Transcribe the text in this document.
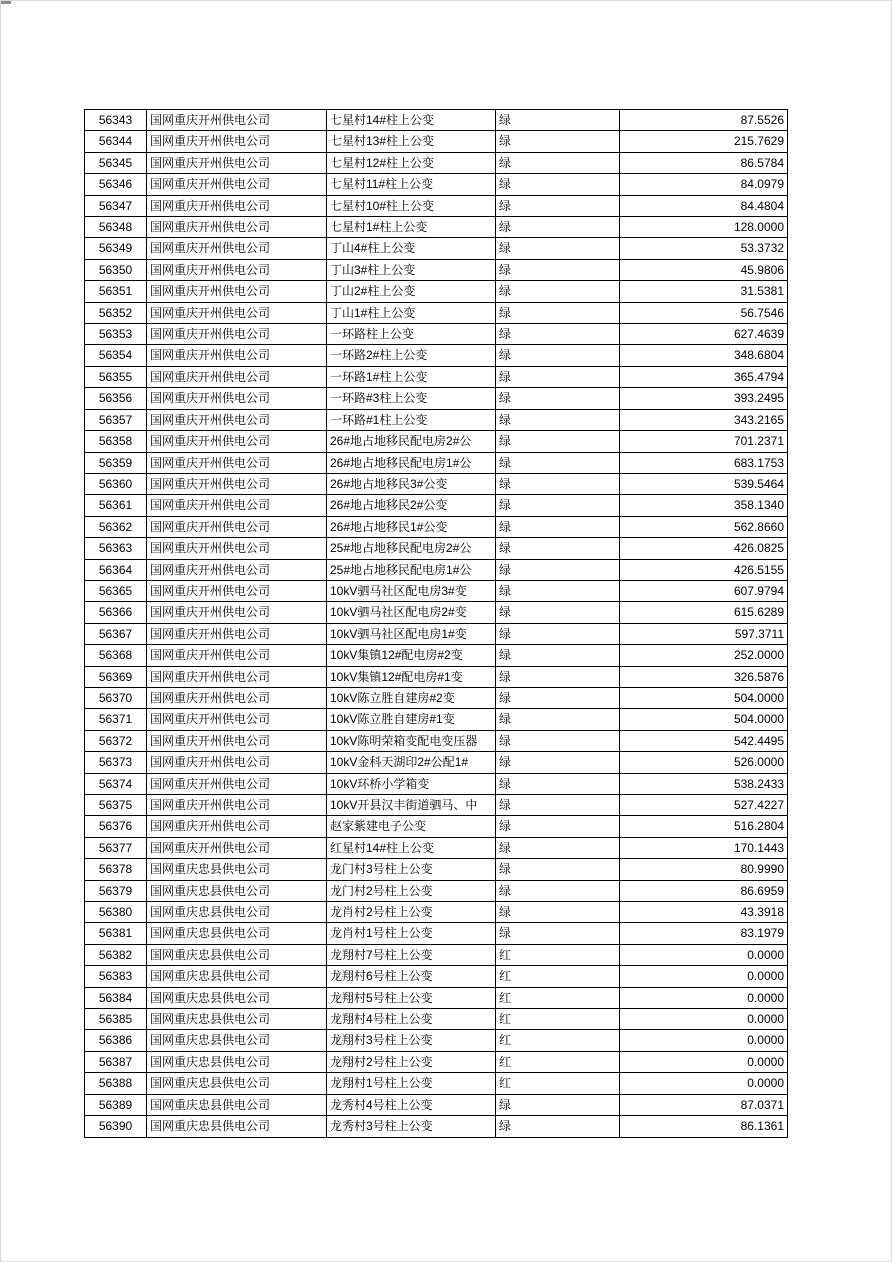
56343	国网重庆开州供电公司	七星村14#柱上公变	绿	87.5526
56344	国网重庆开州供电公司	七星村13#柱上公变	绿	215.7629
56345	国网重庆开州供电公司	七星村12#柱上公变	绿	86.5784
56346	国网重庆开州供电公司	七星村11#柱上公变	绿	84.0979
56347	国网重庆开州供电公司	七星村10#柱上公变	绿	84.4804
56348	国网重庆开州供电公司	七星村1#柱上公变	绿	128.0000
56349	国网重庆开州供电公司	丁山4#柱上公变	绿	53.3732
56350	国网重庆开州供电公司	丁山3#柱上公变	绿	45.9806
56351	国网重庆开州供电公司	丁山2#柱上公变	绿	31.5381
56352	国网重庆开州供电公司	丁山1#柱上公变	绿	56.7546
56353	国网重庆开州供电公司	一环路柱上公变	绿	627.4639
56354	国网重庆开州供电公司	一环路2#柱上公变	绿	348.6804
56355	国网重庆开州供电公司	一环路1#柱上公变	绿	365.4794
56356	国网重庆开州供电公司	一环路#3柱上公变	绿	393.2495
56357	国网重庆开州供电公司	一环路#1柱上公变	绿	343.2165
56358	国网重庆开州供电公司	26#地占地移民配电房2#公	绿	701.2371
56359	国网重庆开州供电公司	26#地占地移民配电房1#公	绿	683.1753
56360	国网重庆开州供电公司	26#地占地移民3#公变	绿	539.5464
56361	国网重庆开州供电公司	26#地占地移民2#公变	绿	358.1340
56362	国网重庆开州供电公司	26#地占地移民1#公变	绿	562.8660
56363	国网重庆开州供电公司	25#地占地移民配电房2#公	绿	426.0825
56364	国网重庆开州供电公司	25#地占地移民配电房1#公	绿	426.5155
56365	国网重庆开州供电公司	10kV驷马社区配电房3#变	绿	607.9794
56366	国网重庆开州供电公司	10kV驷马社区配电房2#变	绿	615.6289
56367	国网重庆开州供电公司	10kV驷马社区配电房1#变	绿	597.3711
56368	国网重庆开州供电公司	10kV集镇12#配电房#2变	绿	252.0000
56369	国网重庆开州供电公司	10kV集镇12#配电房#1变	绿	326.5876
56370	国网重庆开州供电公司	10kV陈立胜自建房#2变	绿	504.0000
56371	国网重庆开州供电公司	10kV陈立胜自建房#1变	绿	504.0000
56372	国网重庆开州供电公司	10kV陈明荣箱变配电变压器	绿	542.4495
56373	国网重庆开州供电公司	10kV金科天湖印2#公配1#	绿	526.0000
56374	国网重庆开州供电公司	10kV环桥小学箱变	绿	538.2433
56375	国网重庆开州供电公司	10kV开县汉丰街道驷马、中	绿	527.4227
56376	国网重庆开州供电公司	赵家紫建电子公变	绿	516.2804
56377	国网重庆开州供电公司	红星村14#柱上公变	绿	170.1443
56378	国网重庆忠县供电公司	龙门村3号柱上公变	绿	80.9990
56379	国网重庆忠县供电公司	龙门村2号柱上公变	绿	86.6959
56380	国网重庆忠县供电公司	龙肖村2号柱上公变	绿	43.3918
56381	国网重庆忠县供电公司	龙肖村1号柱上公变	绿	83.1979
56382	国网重庆忠县供电公司	龙翔村7号柱上公变	红	0.0000
56383	国网重庆忠县供电公司	龙翔村6号柱上公变	红	0.0000
56384	国网重庆忠县供电公司	龙翔村5号柱上公变	红	0.0000
56385	国网重庆忠县供电公司	龙翔村4号柱上公变	红	0.0000
56386	国网重庆忠县供电公司	龙翔村3号柱上公变	红	0.0000
56387	国网重庆忠县供电公司	龙翔村2号柱上公变	红	0.0000
56388	国网重庆忠县供电公司	龙翔村1号柱上公变	红	0.0000
56389	国网重庆忠县供电公司	龙秀村4号柱上公变	绿	87.0371
56390	国网重庆忠县供电公司	龙秀村3号柱上公变	绿	86.1361
